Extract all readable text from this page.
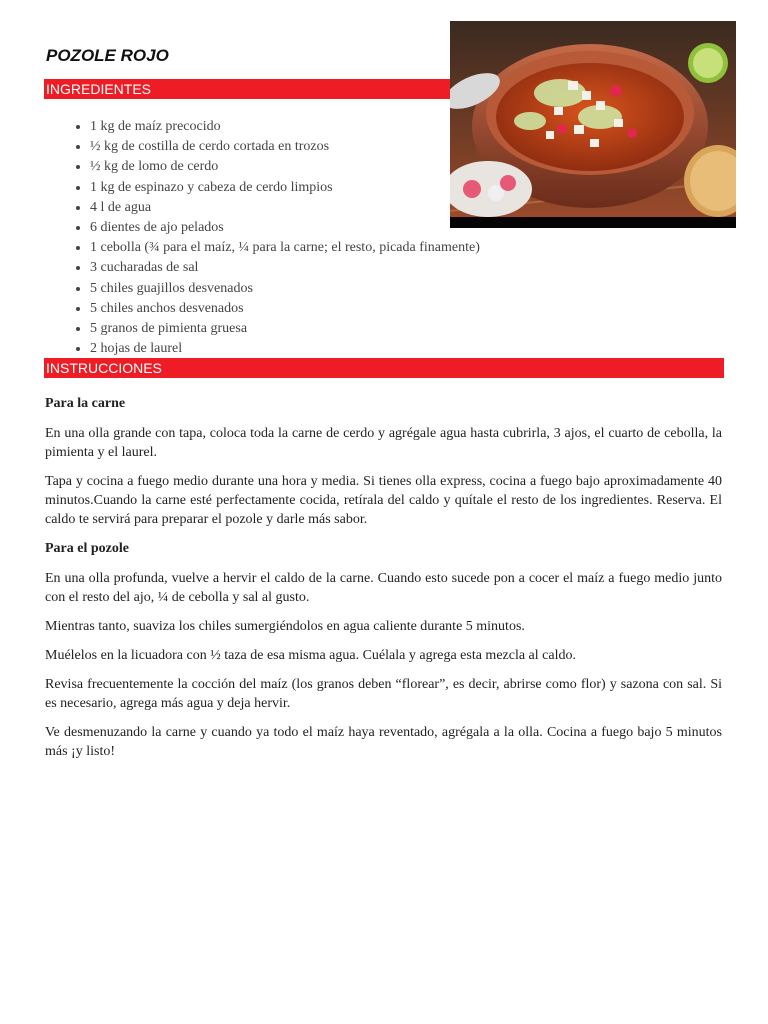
POZOLE ROJO
INGREDIENTES
• 1 kg de maíz precocido
• ½ kg de costilla de cerdo cortada en trozos
• ½ kg de lomo de cerdo
• 1 kg de espinazo y cabeza de cerdo limpios
• 4 l de agua
• 6 dientes de ajo pelados
• 1 cebolla (¾ para el maíz, ¼ para la carne; el resto, picada finamente)
• 3 cucharadas de sal
• 5 chiles guajillos desvenados
• 5 chiles anchos desvenados
• 5 granos de pimienta gruesa
• 2 hojas de laurel
INSTRUCCIONES

Para la carne

En una olla grande con tapa, coloca toda la carne de cerdo y agrégale agua hasta cubrirla, 3 ajos, el cuarto de cebolla, la pimienta y el laurel.

Tapa y cocina a fuego medio durante una hora y media. Si tienes olla express, cocina a fuego bajo aproximadamente 40 minutos.Cuando la carne esté perfectamente cocida, retírala del caldo y quítale el resto de los ingredientes. Reserva. El caldo te servirá para preparar el pozole y darle más sabor.

Para el pozole

En una olla profunda, vuelve a hervir el caldo de la carne. Cuando esto sucede pon a cocer el maíz a fuego medio junto con el resto del ajo, ¼ de cebolla y sal al gusto.

Mientras tanto, suaviza los chiles sumergiéndolos en agua caliente durante 5 minutos.

Muélelos en la licuadora con ½ taza de esa misma agua. Cuélala y agrega esta mezcla al caldo.

Revisa frecuentemente la cocción del maíz (los granos deben “florear”, es decir, abrirse como flor) y sazona con sal. Si es necesario, agrega más agua y deja hervir.

Ve desmenuzando la carne y cuando ya todo el maíz haya reventado, agrégala a la olla. Cocina a fuego bajo 5 minutos más ¡y listo!
